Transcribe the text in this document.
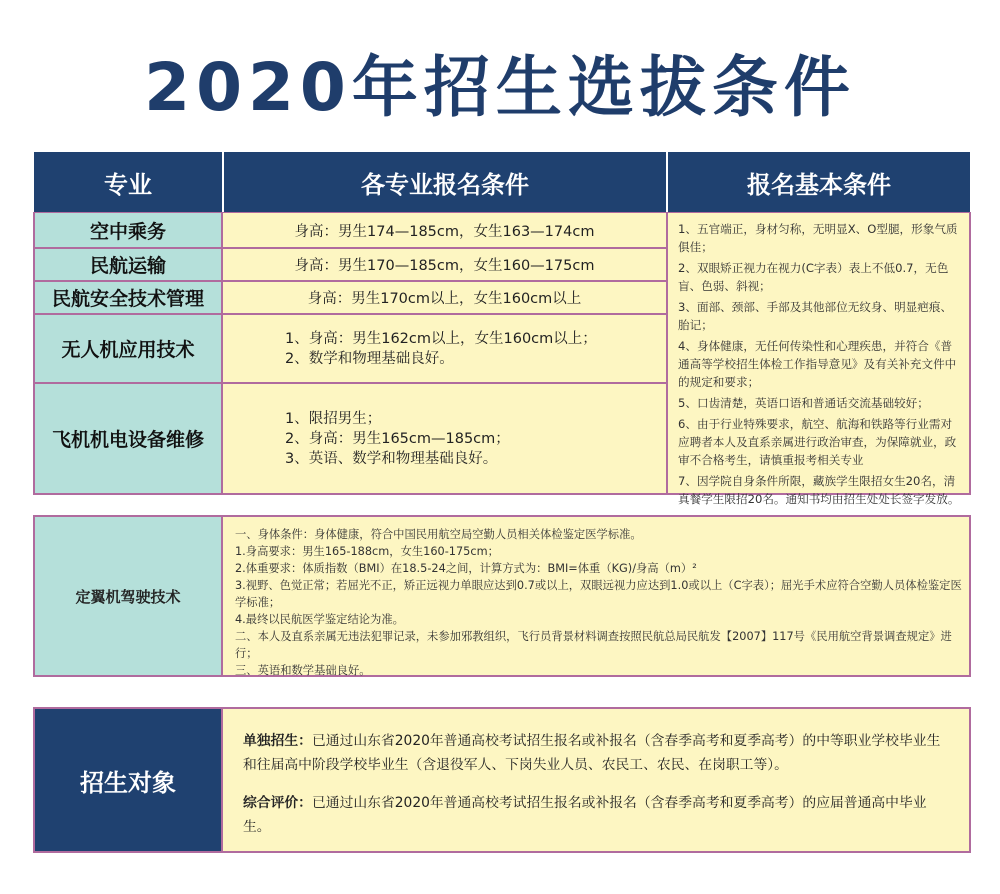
2020年招生选拔条件
专业	各专业报名条件	报名基本条件
空中乘务
民航运输
民航安全技术管理
无人机应用技术
飞机机电设备维修
身高：男生174—185cm，女生163—174cm
身高：男生170—185cm，女生160—175cm
身高：男生170cm以上，女生160cm以上
1、身高：男生162cm以上，女生160cm以上；
2、数学和物理基础良好。
1、限招男生；
2、身高：男生165cm—185cm；
3、英语、数学和物理基础良好。

1、五官端正，身材匀称，无明显X、O型腿，形象气质俱佳；

2、双眼矫正视力在视力(C字表）表上不低0.7，无色盲、色弱、斜视；

3、面部、颈部、手部及其他部位无纹身、明显疤痕、胎记；

4、身体健康，无任何传染性和心理疾患，并符合《普通高等学校招生体检工作指导意见》及有关补充文件中的规定和要求；

5、口齿清楚，英语口语和普通话交流基础较好；

6、由于行业特殊要求，航空、航海和铁路等行业需对应聘者本人及直系亲属进行政治审查，为保障就业，政审不合格考生，请慎重报考相关专业

7、因学院自身条件所限，藏族学生限招女生20名，清真餐学生限招20名。通知书均由招生处处长签字发放。

定翼机驾驶技术

一、身体条件：身体健康，符合中国民用航空局空勤人员相关体检鉴定医学标准。

1.身高要求：男生165-188cm，女生160-175cm；

2.体重要求：体质指数（BMI）在18.5-24之间，计算方式为：BMI=体重（KG)/身高（m）²

3.视野、色觉正常；若屈光不正，矫正远视力单眼应达到0.7或以上，双眼远视力应达到1.0或以上（C字表）；屈光手术应符合空勤人员体检鉴定医学标准；

4.最终以民航医学鉴定结论为准。

二、本人及直系亲属无违法犯罪记录，未参加邪教组织，飞行员背景材料调查按照民航总局民航发【2007】117号《民用航空背景调查规定》进行；

三、英语和数学基础良好。

招生对象

单独招生：已通过山东省2020年普通高校考试招生报名或补报名（含春季高考和夏季高考）的中等职业学校毕业生和往届高中阶段学校毕业生（含退役军人、下岗失业人员、农民工、农民、在岗职工等）。

综合评价：已通过山东省2020年普通高校考试招生报名或补报名（含春季高考和夏季高考）的应届普通高中毕业生。
